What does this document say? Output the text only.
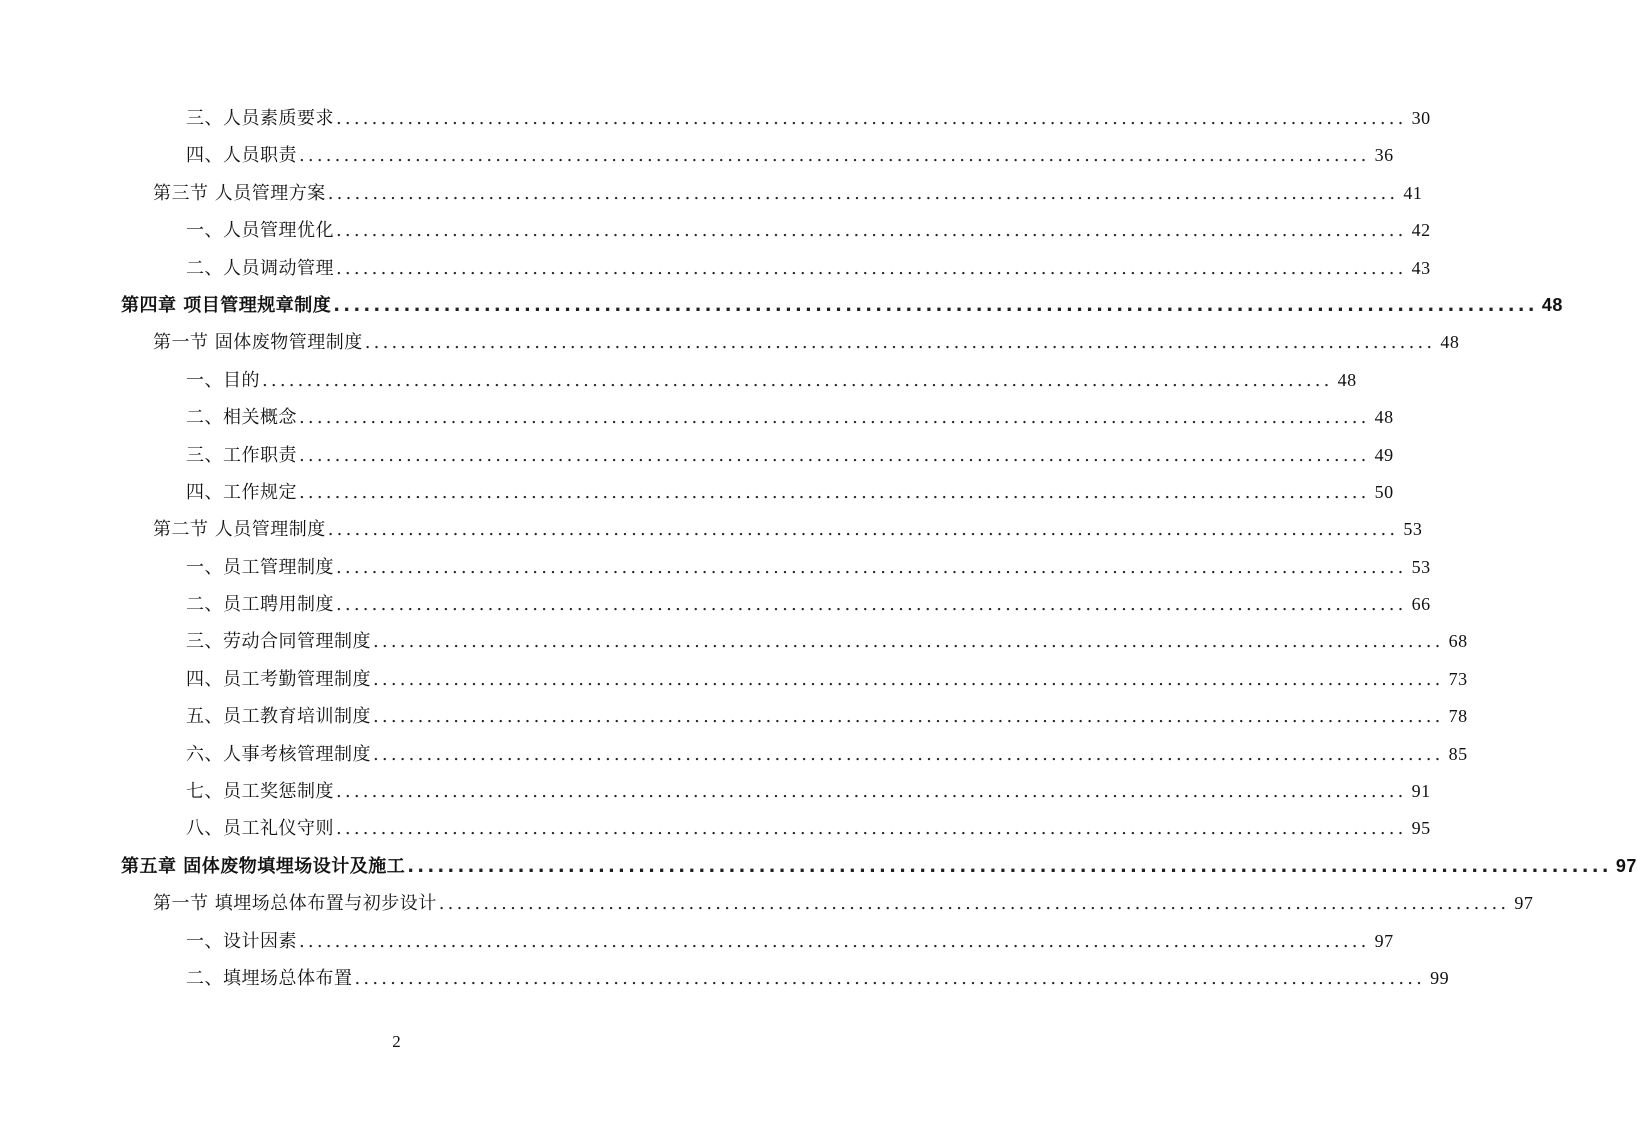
三、人员素质要求 ........................................................................................................................ 30
四、人员职责 ........................................................................................................................ 36
第三节 人员管理方案 ........................................................................................................................ 41
一、人员管理优化 ........................................................................................................................ 42
二、人员调动管理 ........................................................................................................................ 43
第四章 项目管理规章制度 ........................................................................................................................ 48
第一节 固体废物管理制度 ........................................................................................................................ 48
一、目的 ........................................................................................................................ 48
二、相关概念 ........................................................................................................................ 48
三、工作职责 ........................................................................................................................ 49
四、工作规定 ........................................................................................................................ 50
第二节 人员管理制度 ........................................................................................................................ 53
一、员工管理制度 ........................................................................................................................ 53
二、员工聘用制度 ........................................................................................................................ 66
三、劳动合同管理制度 ........................................................................................................................ 68
四、员工考勤管理制度 ........................................................................................................................ 73
五、员工教育培训制度 ........................................................................................................................ 78
六、人事考核管理制度 ........................................................................................................................ 85
七、员工奖惩制度 ........................................................................................................................ 91
八、员工礼仪守则 ........................................................................................................................ 95
第五章 固体废物填埋场设计及施工 ........................................................................................................................ 97
第一节 填埋场总体布置与初步设计 ........................................................................................................................ 97
一、设计因素 ........................................................................................................................ 97
二、填埋场总体布置 ........................................................................................................................ 99
2
